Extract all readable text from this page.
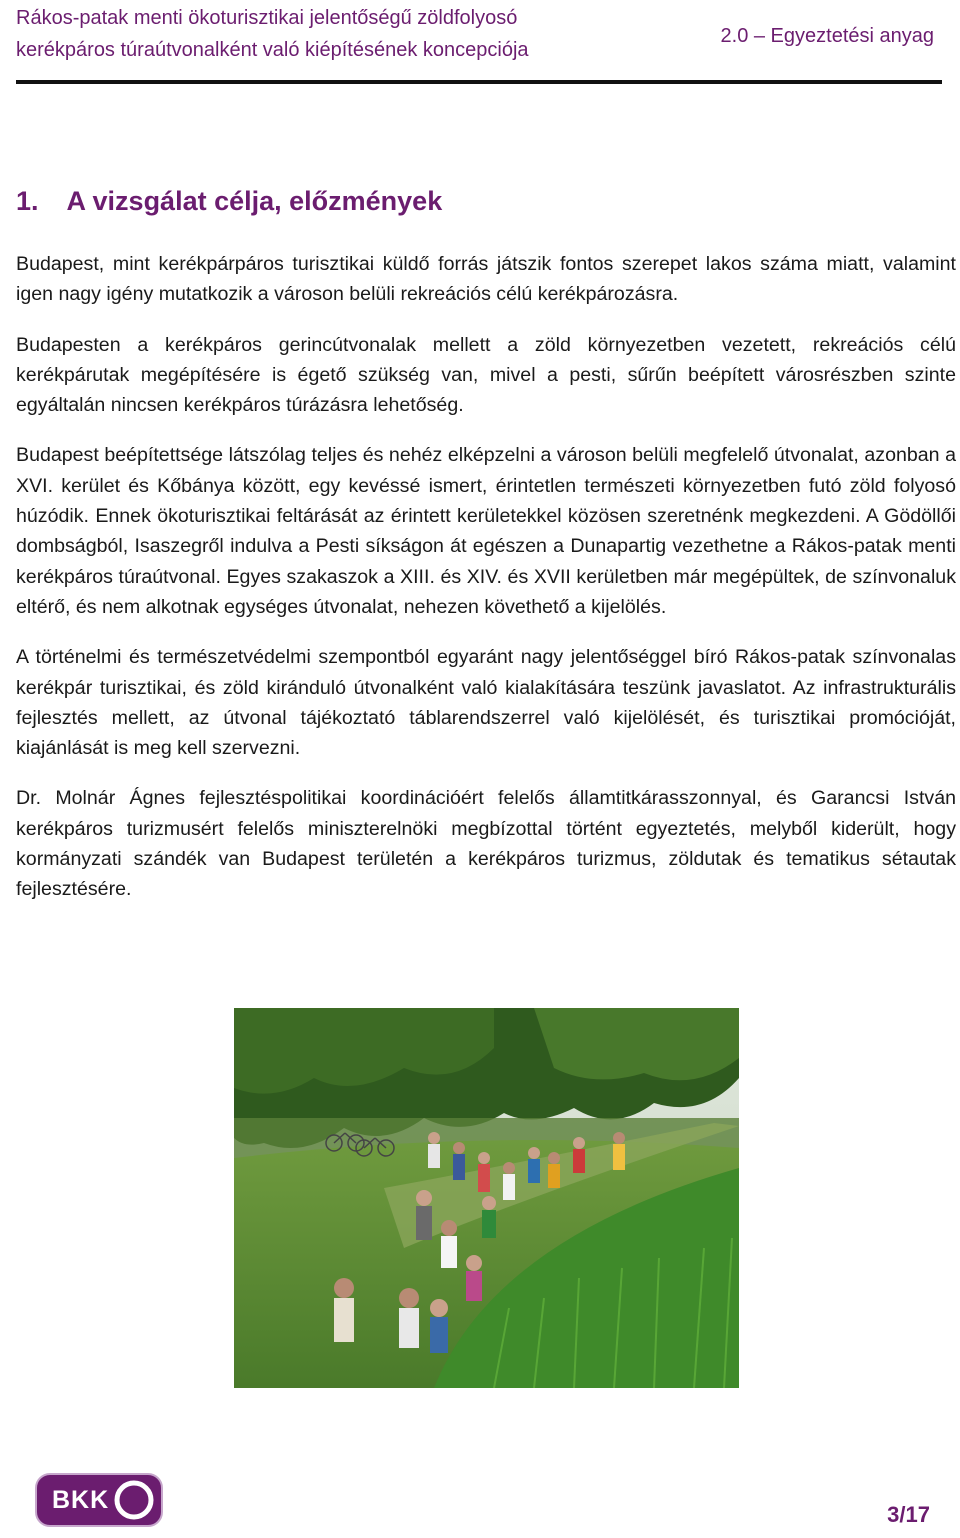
Rákos-patak menti ökoturisztikai jelentőségű zöldfolyosó
kerékpáros túraútvonalként való kiépítésének koncepciója
2.0 – Egyeztetési anyag
1. A vizsgálat célja, előzmények

Budapest, mint kerékpárpáros turisztikai küldő forrás játszik fontos szerepet lakos száma miatt, valamint igen nagy igény mutatkozik a városon belüli rekreációs célú kerékpározásra.

Budapesten a kerékpáros gerincútvonalak mellett a zöld környezetben vezetett, rekreációs célú kerékpárutak megépítésére is égető szükség van, mivel a pesti, sűrűn beépített városrészben szinte egyáltalán nincsen kerékpáros túrázásra lehetőség.

Budapest beépítettsége látszólag teljes és nehéz elképzelni a városon belüli megfelelő útvonalat, azonban a XVI. kerület és Kőbánya között, egy kevéssé ismert, érintetlen természeti környezetben futó zöld folyosó húzódik. Ennek ökoturisztikai feltárását az érintett kerületekkel közösen szeretnénk megkezdeni. A Gödöllői dombságból, Isaszegről indulva a Pesti síkságon át egészen a Dunapartig vezethetne a Rákos-patak menti kerékpáros túraútvonal. Egyes szakaszok a XIII. és XIV. és XVII kerületben már megépültek, de színvonaluk eltérő, és nem alkotnak egységes útvonalat, nehezen követhető a kijelölés.

A történelmi és természetvédelmi szempontból egyaránt nagy jelentőséggel bíró Rákos-patak színvonalas kerékpár turisztikai, és zöld kiránduló útvonalként való kialakítására teszünk javaslatot. Az infrastrukturális fejlesztés mellett, az útvonal tájékoztató táblarendszerrel való kijelölését, és turisztikai promócióját, kiajánlását is meg kell szervezni.

Dr. Molnár Ágnes fejlesztéspolitikai koordinációért felelős államtitkárasszonnyal, és Garancsi István kerékpáros turizmusért felelős miniszterelnöki megbízottal történt egyeztetés, melyből kiderült, hogy kormányzati szándék van Budapest területén a kerékpáros turizmus, zöldutak és tematikus sétautak fejlesztésére.

BKK
3/17
